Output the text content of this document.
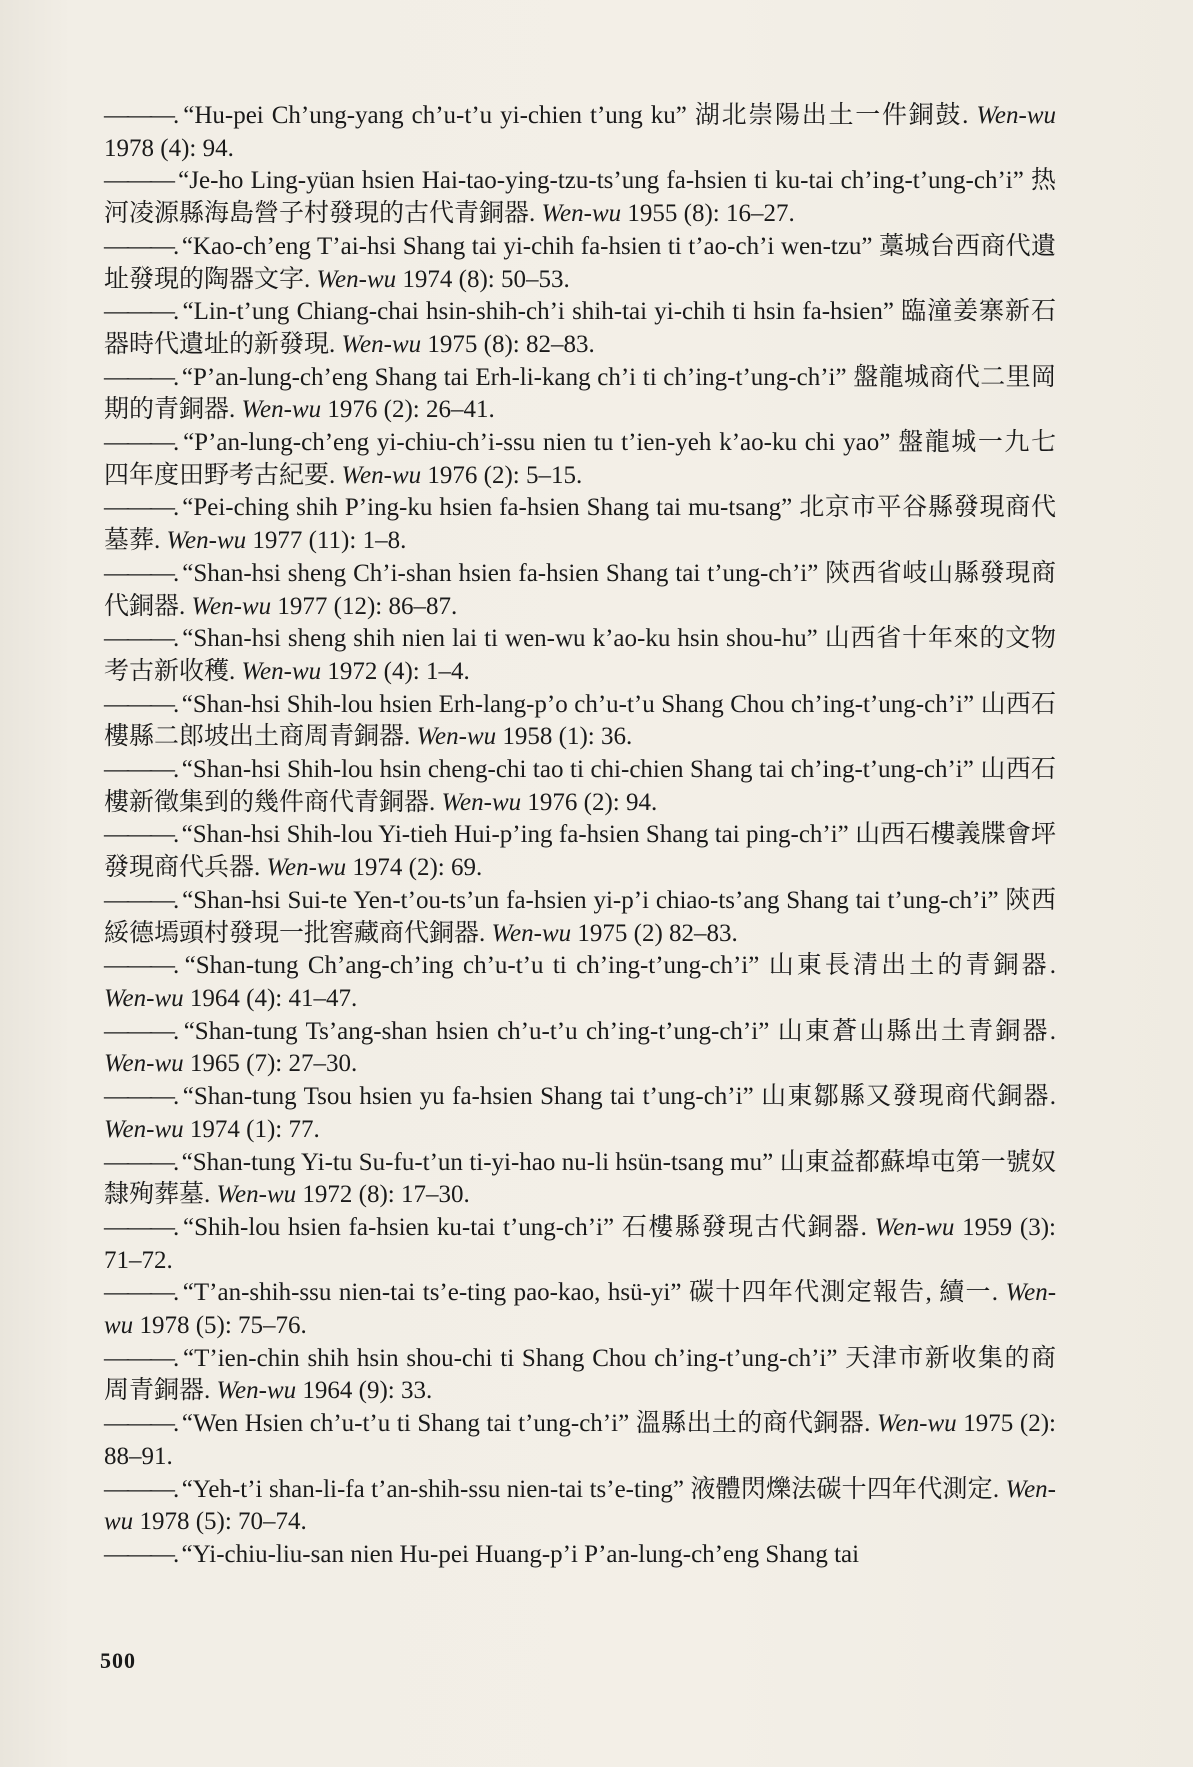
———. “Hu-pei Ch’ung-yang ch’u-t’u yi-chien t’ung ku” 湖北崇陽出土一件銅鼓. Wen-wu 1978 (4): 94.
——— “Je-ho Ling-yüan hsien Hai-tao-ying-tzu-ts’ung fa-hsien ti ku-tai ch’ing-t’ung-ch’i” 热河凌源縣海島營子村發現的古代青銅器. Wen-wu 1955 (8): 16–27.
———. “Kao-ch’eng T’ai-hsi Shang tai yi-chih fa-hsien ti t’ao-ch’i wen-tzu” 藁城台西商代遺址發現的陶器文字. Wen-wu 1974 (8): 50–53.
———. “Lin-t’ung Chiang-chai hsin-shih-ch’i shih-tai yi-chih ti hsin fa-hsien” 臨潼姜寨新石器時代遺址的新發現. Wen-wu 1975 (8): 82–83.
———. “P’an-lung-ch’eng Shang tai Erh-li-kang ch’i ti ch’ing-t’ung-ch’i” 盤龍城商代二里岡期的青銅器. Wen-wu 1976 (2): 26–41.
———. “P’an-lung-ch’eng yi-chiu-ch’i-ssu nien tu t’ien-yeh k’ao-ku chi yao” 盤龍城一九七四年度田野考古紀要. Wen-wu 1976 (2): 5–15.
———. “Pei-ching shih P’ing-ku hsien fa-hsien Shang tai mu-tsang” 北京市平谷縣發現商代墓葬. Wen-wu 1977 (11): 1–8.
———. “Shan-hsi sheng Ch’i-shan hsien fa-hsien Shang tai t’ung-ch’i” 陝西省岐山縣發現商代銅器. Wen-wu 1977 (12): 86–87.
———. “Shan-hsi sheng shih nien lai ti wen-wu k’ao-ku hsin shou-hu” 山西省十年來的文物考古新收穫. Wen-wu 1972 (4): 1–4.
———. “Shan-hsi Shih-lou hsien Erh-lang-p’o ch’u-t’u Shang Chou ch’ing-t’ung-ch’i” 山西石樓縣二郎坡出土商周青銅器. Wen-wu 1958 (1): 36.
———. “Shan-hsi Shih-lou hsin cheng-chi tao ti chi-chien Shang tai ch’ing-t’ung-ch’i” 山西石樓新徵集到的幾件商代青銅器. Wen-wu 1976 (2): 94.
———. “Shan-hsi Shih-lou Yi-tieh Hui-p’ing fa-hsien Shang tai ping-ch’i” 山西石樓義牒會坪發現商代兵器. Wen-wu 1974 (2): 69.
———. “Shan-hsi Sui-te Yen-t’ou-ts’un fa-hsien yi-p’i chiao-ts’ang Shang tai t’ung-ch’i” 陝西綏德墕頭村發現一批窖藏商代銅器. Wen-wu 1975 (2) 82–83.
———. “Shan-tung Ch’ang-ch’ing ch’u-t’u ti ch’ing-t’ung-ch’i” 山東長清出土的青銅器. Wen-wu 1964 (4): 41–47.
———. “Shan-tung Ts’ang-shan hsien ch’u-t’u ch’ing-t’ung-ch’i” 山東蒼山縣出土青銅器. Wen-wu 1965 (7): 27–30.
———. “Shan-tung Tsou hsien yu fa-hsien Shang tai t’ung-ch’i” 山東鄒縣又發現商代銅器. Wen-wu 1974 (1): 77.
———. “Shan-tung Yi-tu Su-fu-t’un ti-yi-hao nu-li hsün-tsang mu” 山東益都蘇埠屯第一號奴隸殉葬墓. Wen-wu 1972 (8): 17–30.
———. “Shih-lou hsien fa-hsien ku-tai t’ung-ch’i” 石樓縣發現古代銅器. Wen-wu 1959 (3): 71–72.
———. “T’an-shih-ssu nien-tai ts’e-ting pao-kao, hsü-yi” 碳十四年代測定報告, 續一. Wen-wu 1978 (5): 75–76.
———. “T’ien-chin shih hsin shou-chi ti Shang Chou ch’ing-t’ung-ch’i” 天津市新收集的商周青銅器. Wen-wu 1964 (9): 33.
———. “Wen Hsien ch’u-t’u ti Shang tai t’ung-ch’i” 溫縣出土的商代銅器. Wen-wu 1975 (2): 88–91.
———. “Yeh-t’i shan-li-fa t’an-shih-ssu nien-tai ts’e-ting” 液體閃爍法碳十四年代測定. Wen-wu 1978 (5): 70–74.
———. “Yi-chiu-liu-san nien Hu-pei Huang-p’i P’an-lung-ch’eng Shang tai
500
